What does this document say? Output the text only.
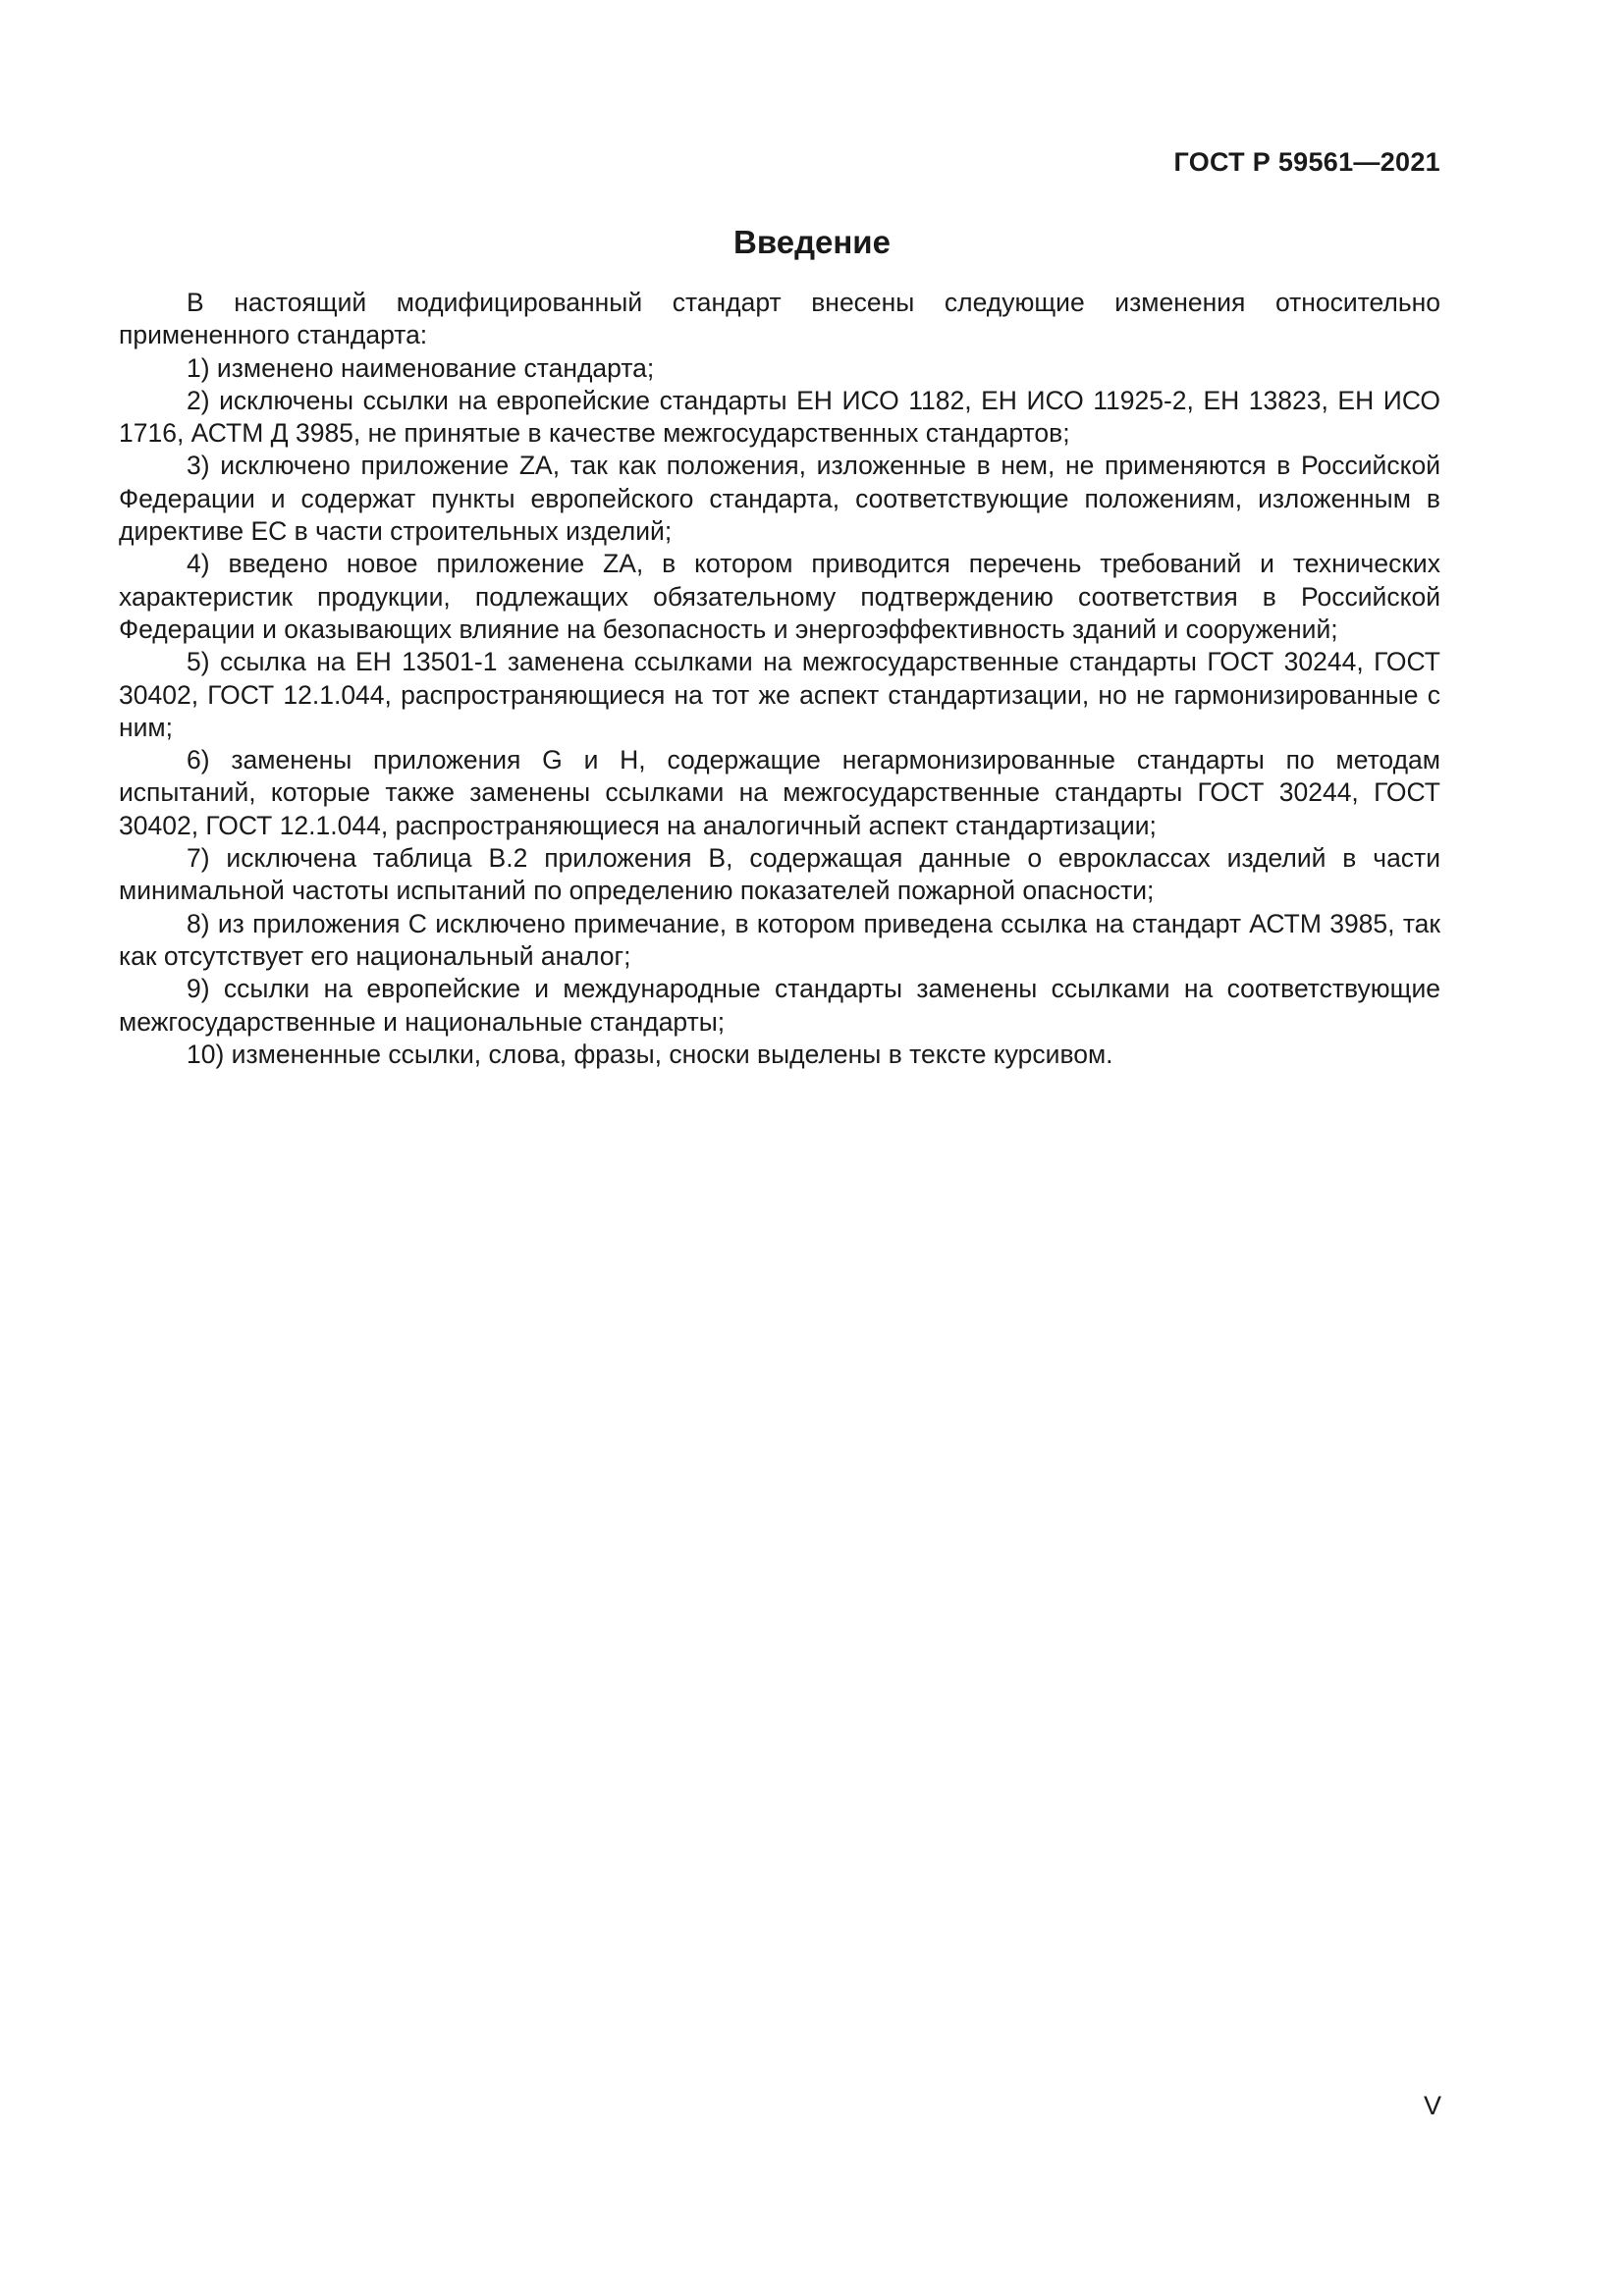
ГОСТ Р 59561—2021
Введение

В настоящий модифицированный стандарт внесены следующие изменения относительно примененного стандарта:

1) изменено наименование стандарта;

2) исключены ссылки на европейские стандарты ЕН ИСО 1182, ЕН ИСО 11925-2, ЕН 13823, ЕН ИСО 1716, АСТМ Д 3985, не принятые в качестве межгосударственных стандартов;

3) исключено приложение ZA, так как положения, изложенные в нем, не применяются в Российской Федерации и содержат пункты европейского стандарта, соответствующие положениям, изложенным в директиве ЕС в части строительных изделий;

4) введено новое приложение ZA, в котором приводится перечень требований и технических характеристик продукции, подлежащих обязательному подтверждению соответствия в Российской Федерации и оказывающих влияние на безопасность и энергоэффективность зданий и сооружений;

5) ссылка на ЕН 13501-1 заменена ссылками на межгосударственные стандарты ГОСТ 30244, ГОСТ 30402, ГОСТ 12.1.044, распространяющиеся на тот же аспект стандартизации, но не гармонизированные с ним;

6) заменены приложения G и H, содержащие негармонизированные стандарты по методам испытаний, которые также заменены ссылками на межгосударственные стандарты ГОСТ 30244, ГОСТ 30402, ГОСТ 12.1.044, распространяющиеся на аналогичный аспект стандартизации;

7) исключена таблица В.2 приложения В, содержащая данные о евроклассах изделий в части минимальной частоты испытаний по определению показателей пожарной опасности;

8) из приложения С исключено примечание, в котором приведена ссылка на стандарт АСТМ 3985, так как отсутствует его национальный аналог;

9) ссылки на европейские и международные стандарты заменены ссылками на соответствующие межгосударственные и национальные стандарты;

10) измененные ссылки, слова, фразы, сноски выделены в тексте курсивом.

V
